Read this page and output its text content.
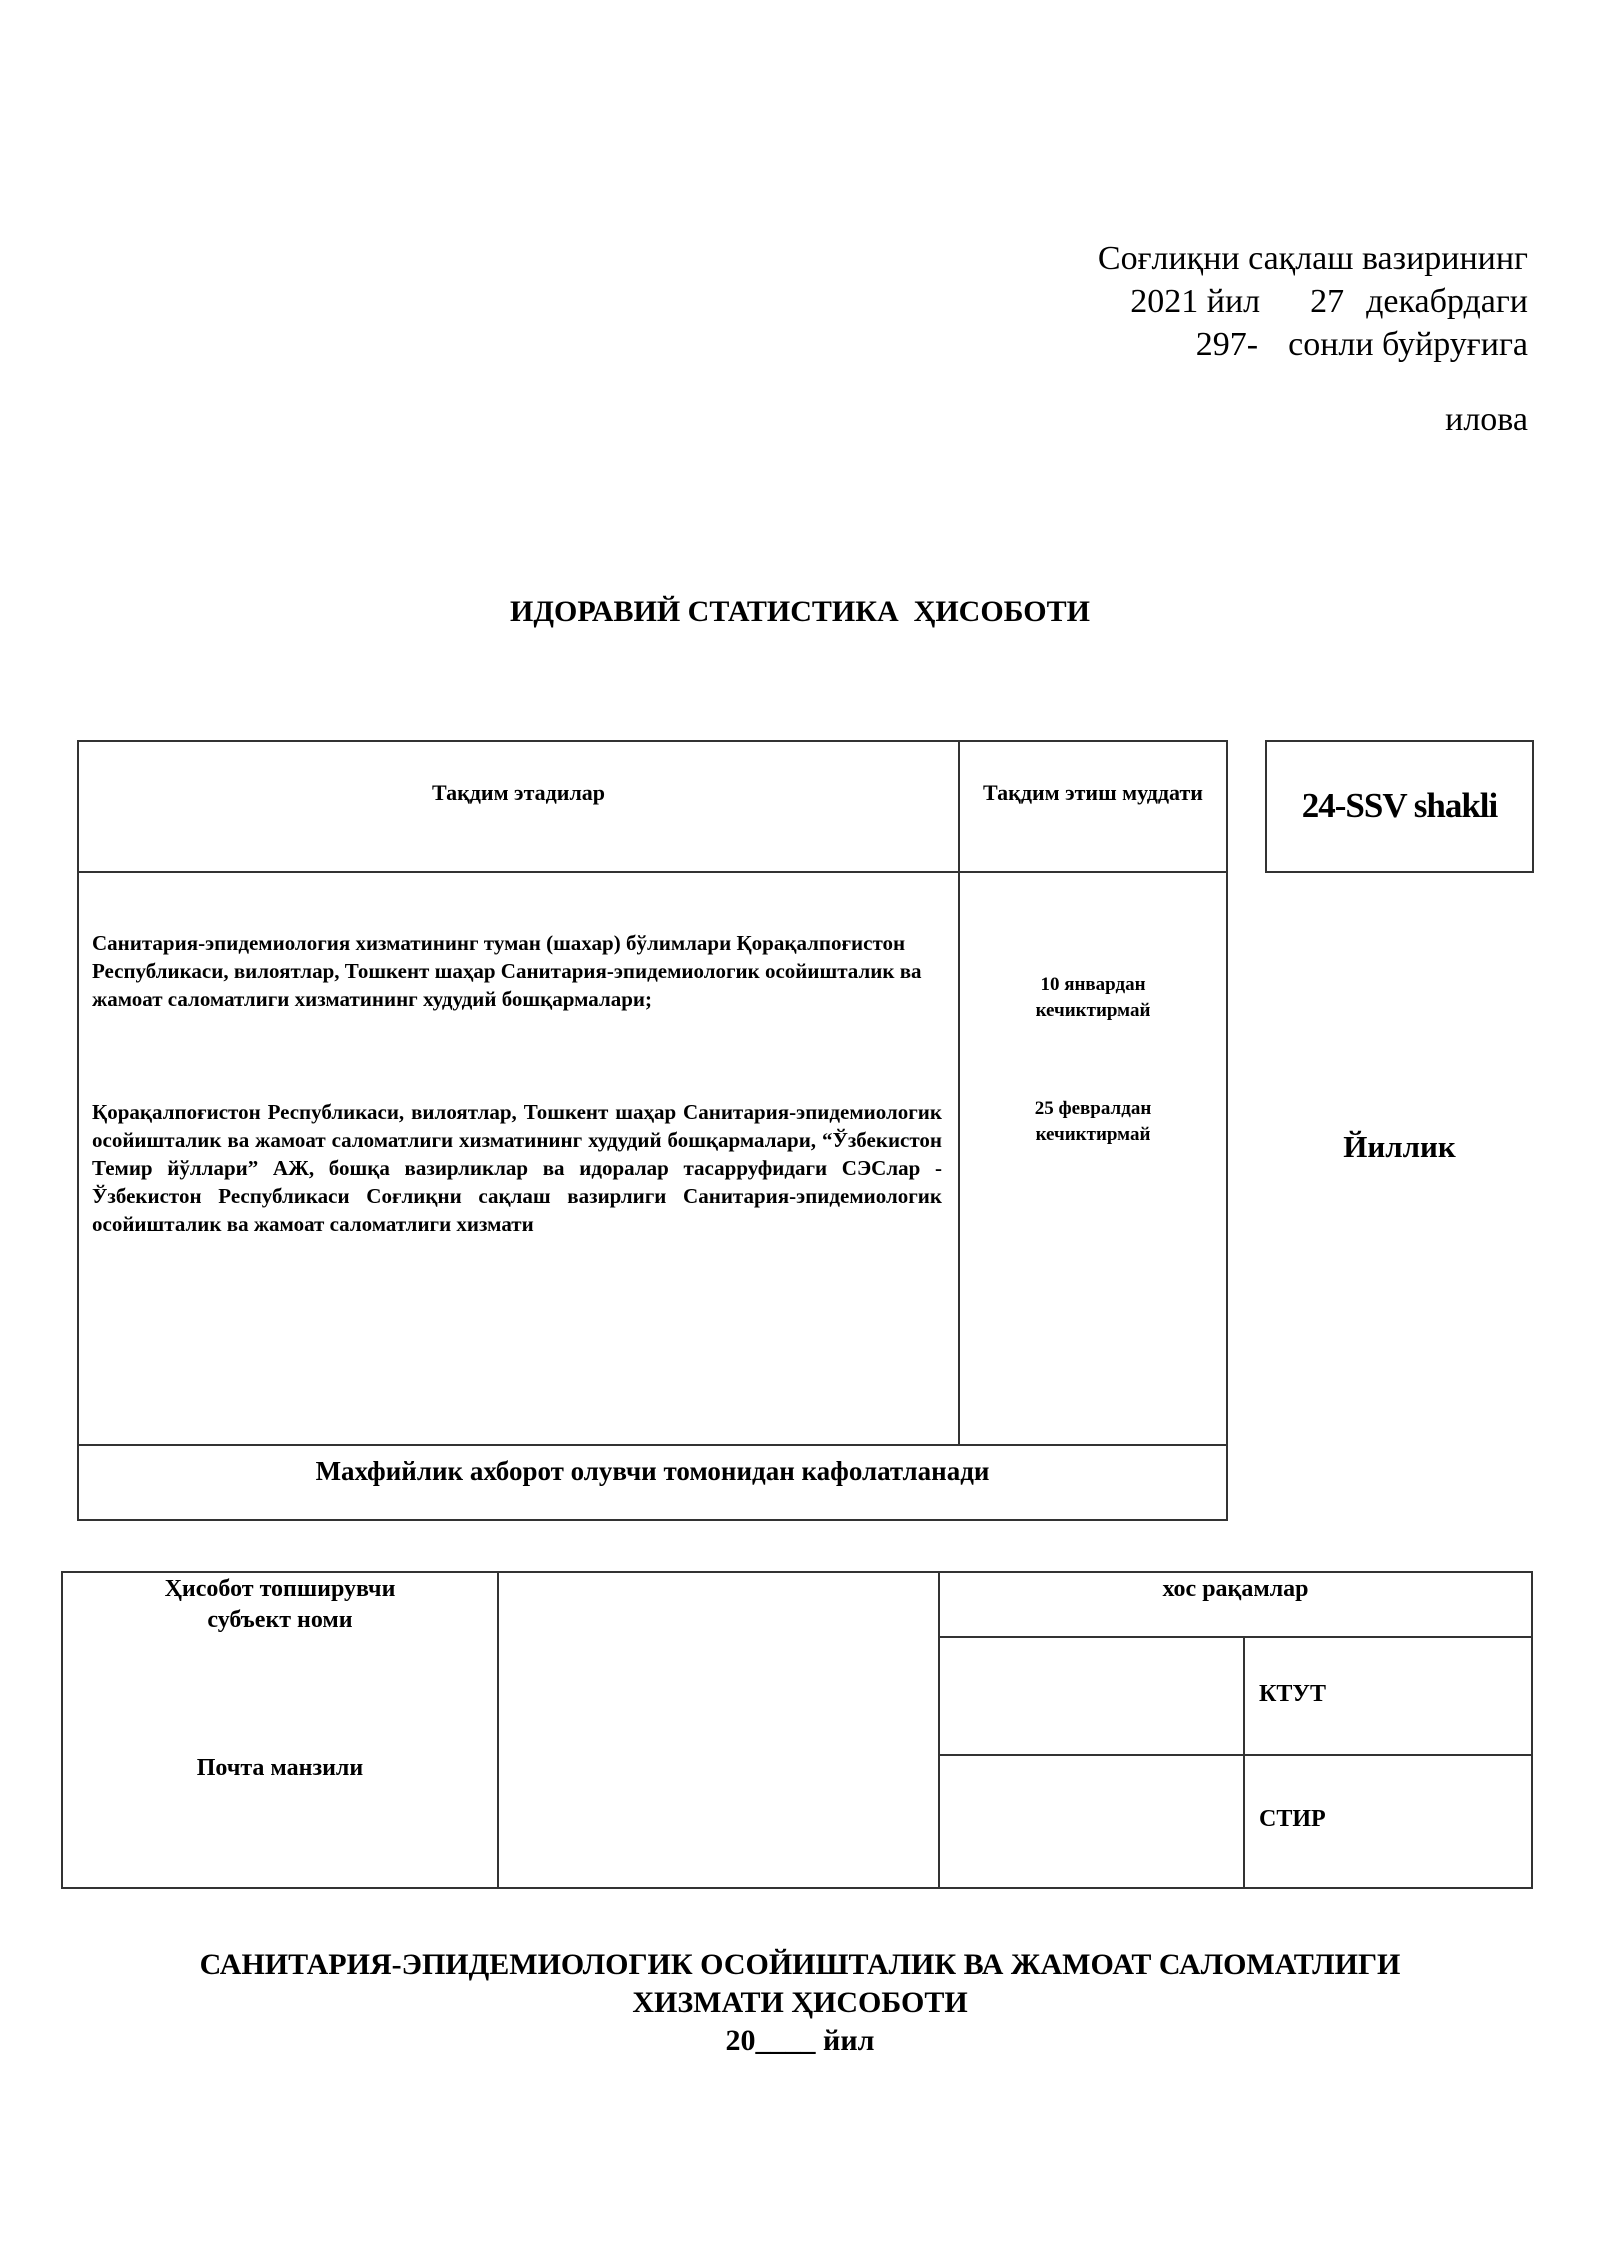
Соғлиқни сақлаш вазирининг
2021 йил 27 декабрдаги
297- сонли буйруғига
илова
ИДОРАВИЙ СТАТИСТИКА  ҲИСОБОТИ
Тақдим этадилар	Тақдим этиш муддати
Санитария-эпидемиология хизматининг туман (шахар) бўлимлари Қорақалпоғистон Республикаси, вилоятлар, Тошкент шаҳар Санитария-эпидемиологик осойишталик ва жамоат саломатлиги хизматининг худудий бошқармалари;
Қорақалпоғистон Республикаси, вилоятлар, Тошкент шаҳар Санитария-эпидемиологик осойишталик ва жамоат саломатлиги хизматининг худудий бошқармалари, “Ўзбекистон Темир йўллари” АЖ, бошқа вазирликлар ва идоралар тасарруфидаги СЭСлар - Ўзбекистон Республикаси Соғлиқни сақлаш вазирлиги Санитария-эпидемиологик осойишталик ва жамоат саломатлиги хизмати
10 январдан
кечиктирмай
25 февралдан
кечиктирмай
Махфийлик ахборот олувчи томонидан кафолатланади
24-SSV shakli
Йиллик
Ҳисобот топширувчи
субъект номи
Почта манзили
хос рақамлар
КТУТ
СТИР
САНИТАРИЯ-ЭПИДЕМИОЛОГИК ОСОЙИШТАЛИК ВА ЖАМОАТ САЛОМАТЛИГИ
ХИЗМАТИ ҲИСОБОТИ
20____ йил
